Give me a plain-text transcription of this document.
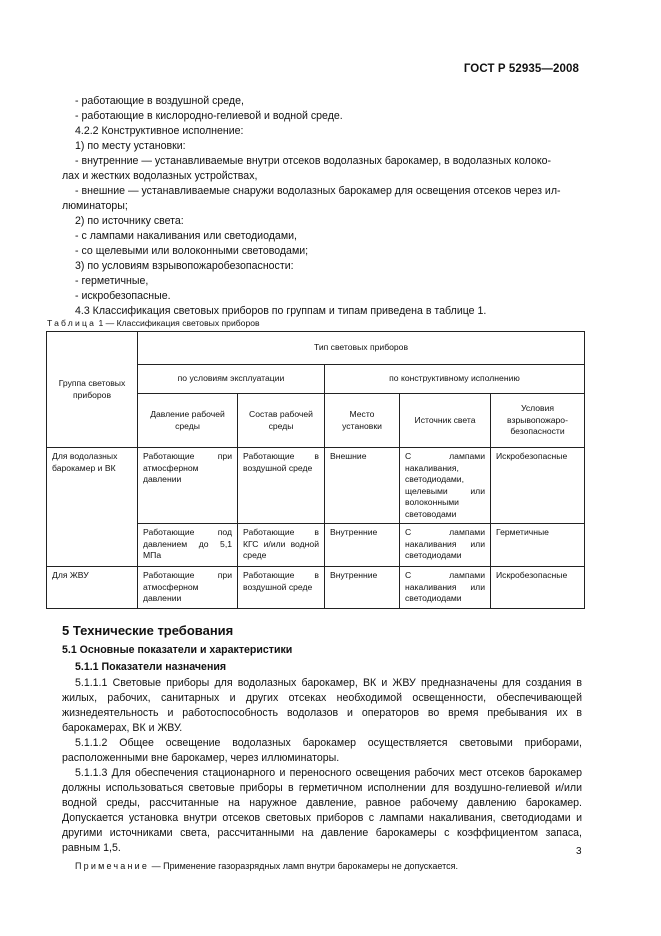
ГОСТ Р 52935—2008
- работающие в воздушной среде,
- работающие в кислородно-гелиевой и водной среде.
4.2.2 Конструктивное исполнение:
1) по месту установки:
- внутренние — устанавливаемые внутри отсеков водолазных барокамер, в водолазных колоко-
лах и жестких водолазных устройствах,
- внешние — устанавливаемые снаружи водолазных барокамер для освещения отсеков через ил-
люминаторы;
2) по источнику света:
- с лампами накаливания или светодиодами,
- со щелевыми или волоконными световодами;
3) по условиям взрывопожаробезопасности:
- герметичные,
- искробезопасные.
4.3 Классификация световых приборов по группам и типам приведена в таблице 1.
Таблица 1 — Классификация световых приборов
Группа световых приборов	Тип световых приборов				
	по условиям эксплуатации		по конструктивному исполнению		
	Давление рабочей среды	Состав рабочей среды	Место установки	Источник света	Условия взрывопожаро-безопасности
Для водолазных барокамер и ВК	Работающие при атмосферном давлении	Работающие в воздушной среде	Внешние	С лампами накаливания, светодиодами, щелевыми или волоконными световодами	Искробезопасные
	Работающие под давлением до 5,1 МПа	Работающие в КГС и/или водной среде	Внутренние	С лампами накаливания или светодиодами	Герметичные
Для ЖВУ	Работающие при атмосферном давлении	Работающие в воздушной среде	Внутренние	С лампами накаливания или светодиодами	Искробезопасные
5 Технические требования
5.1 Основные показатели и характеристики
5.1.1 Показатели назначения
5.1.1.1 Световые приборы для водолазных барокамер, ВК и ЖВУ предназначены для создания в жилых, рабочих, санитарных и других отсеках необходимой освещенности, обеспечивающей жизнедеятельность и работоспособность водолазов и операторов во время пребывания их в барокамерах, ВК и ЖВУ.
5.1.1.2 Общее освещение водолазных барокамер осуществляется световыми приборами, расположенными вне барокамер, через иллюминаторы.
5.1.1.3 Для обеспечения стационарного и переносного освещения рабочих мест отсеков барокамер должны использоваться световые приборы в герметичном исполнении для воздушно-гелиевой и/или водной среды, рассчитанные на наружное давление, равное рабочему давлению барокамер. Допускается установка внутри отсеков световых приборов с лампами накаливания, светодиодами и другими источниками света, рассчитанными на давление барокамеры с коэффициентом запаса, равным 1,5.
Примечание — Применение газоразрядных ламп внутри барокамеры не допускается.
3
